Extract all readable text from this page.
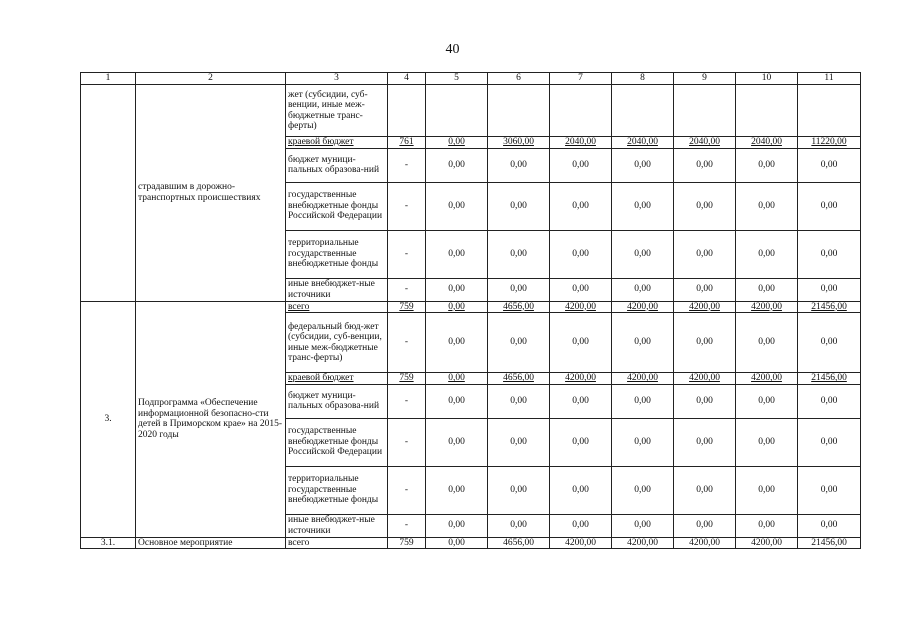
40
1	2	3	4	5	6	7	8	9	10	11
	страдавшим в дорожно-транспортных происшествиях	жет (субсидии, суб-венции, иные меж-бюджетные транс-ферты)								
		краевой бюджет	761	0,00	3060,00	2040,00	2040,00	2040,00	2040,00	11220,00
		бюджет муници-пальных образова-ний	-	0,00	0,00	0,00	0,00	0,00	0,00	0,00
		государственные внебюджетные фонды Российской Федерации	-	0,00	0,00	0,00	0,00	0,00	0,00	0,00
		территориальные государственные внебюджетные фонды	-	0,00	0,00	0,00	0,00	0,00	0,00	0,00
		иные внебюджет-ные источники	-	0,00	0,00	0,00	0,00	0,00	0,00	0,00
3.	Подпрограмма «Обеспечение информационной безопасно-сти детей в Приморском крае» на 2015-2020 годы	всего	759	0,00	4656,00	4200,00	4200,00	4200,00	4200,00	21456,00
		федеральный бюд-жет (субсидии, суб-венции, иные меж-бюджетные транс-ферты)	-	0,00	0,00	0,00	0,00	0,00	0,00	0,00
		краевой бюджет	759	0,00	4656,00	4200,00	4200,00	4200,00	4200,00	21456,00
		бюджет муници-пальных образова-ний	-	0,00	0,00	0,00	0,00	0,00	0,00	0,00
		государственные внебюджетные фонды Российской Федерации	-	0,00	0,00	0,00	0,00	0,00	0,00	0,00
		территориальные государственные внебюджетные фонды	-	0,00	0,00	0,00	0,00	0,00	0,00	0,00
		иные внебюджет-ные источники	-	0,00	0,00	0,00	0,00	0,00	0,00	0,00
3.1.	Основное мероприятие	всего	759	0,00	4656,00	4200,00	4200,00	4200,00	4200,00	21456,00
